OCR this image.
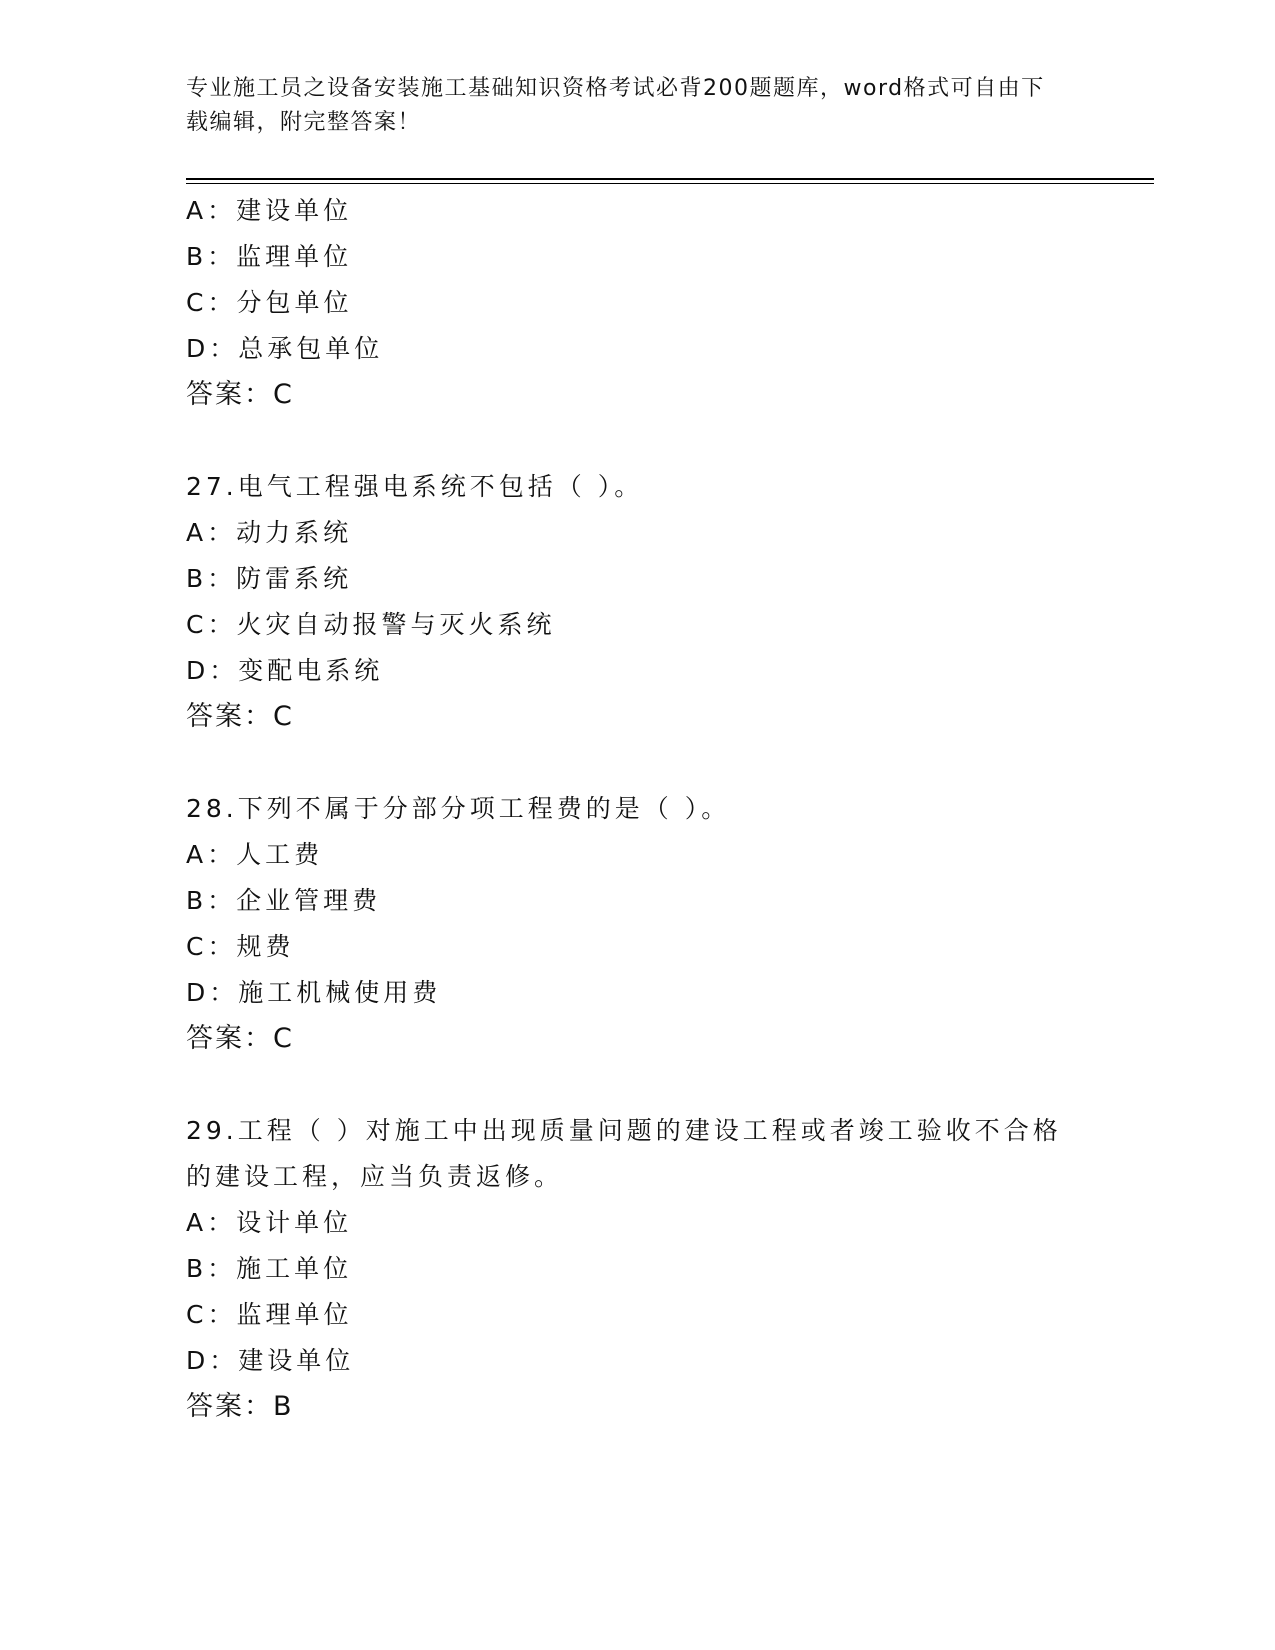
专业施工员之设备安装施工基础知识资格考试必背200题题库，word格式可自由下载编辑，附完整答案！
A：建设单位
B：监理单位
C：分包单位
D：总承包单位
答案：C
27.电气工程强电系统不包括（ ）。
A：动力系统
B：防雷系统
C：火灾自动报警与灭火系统
D：变配电系统
答案：C
28.下列不属于分部分项工程费的是（ ）。
A：人工费
B：企业管理费
C：规费
D：施工机械使用费
答案：C
29.工程（ ）对施工中出现质量问题的建设工程或者竣工验收不合格
的建设工程，应当负责返修。
A：设计单位
B：施工单位
C：监理单位
D：建设单位
答案：B
